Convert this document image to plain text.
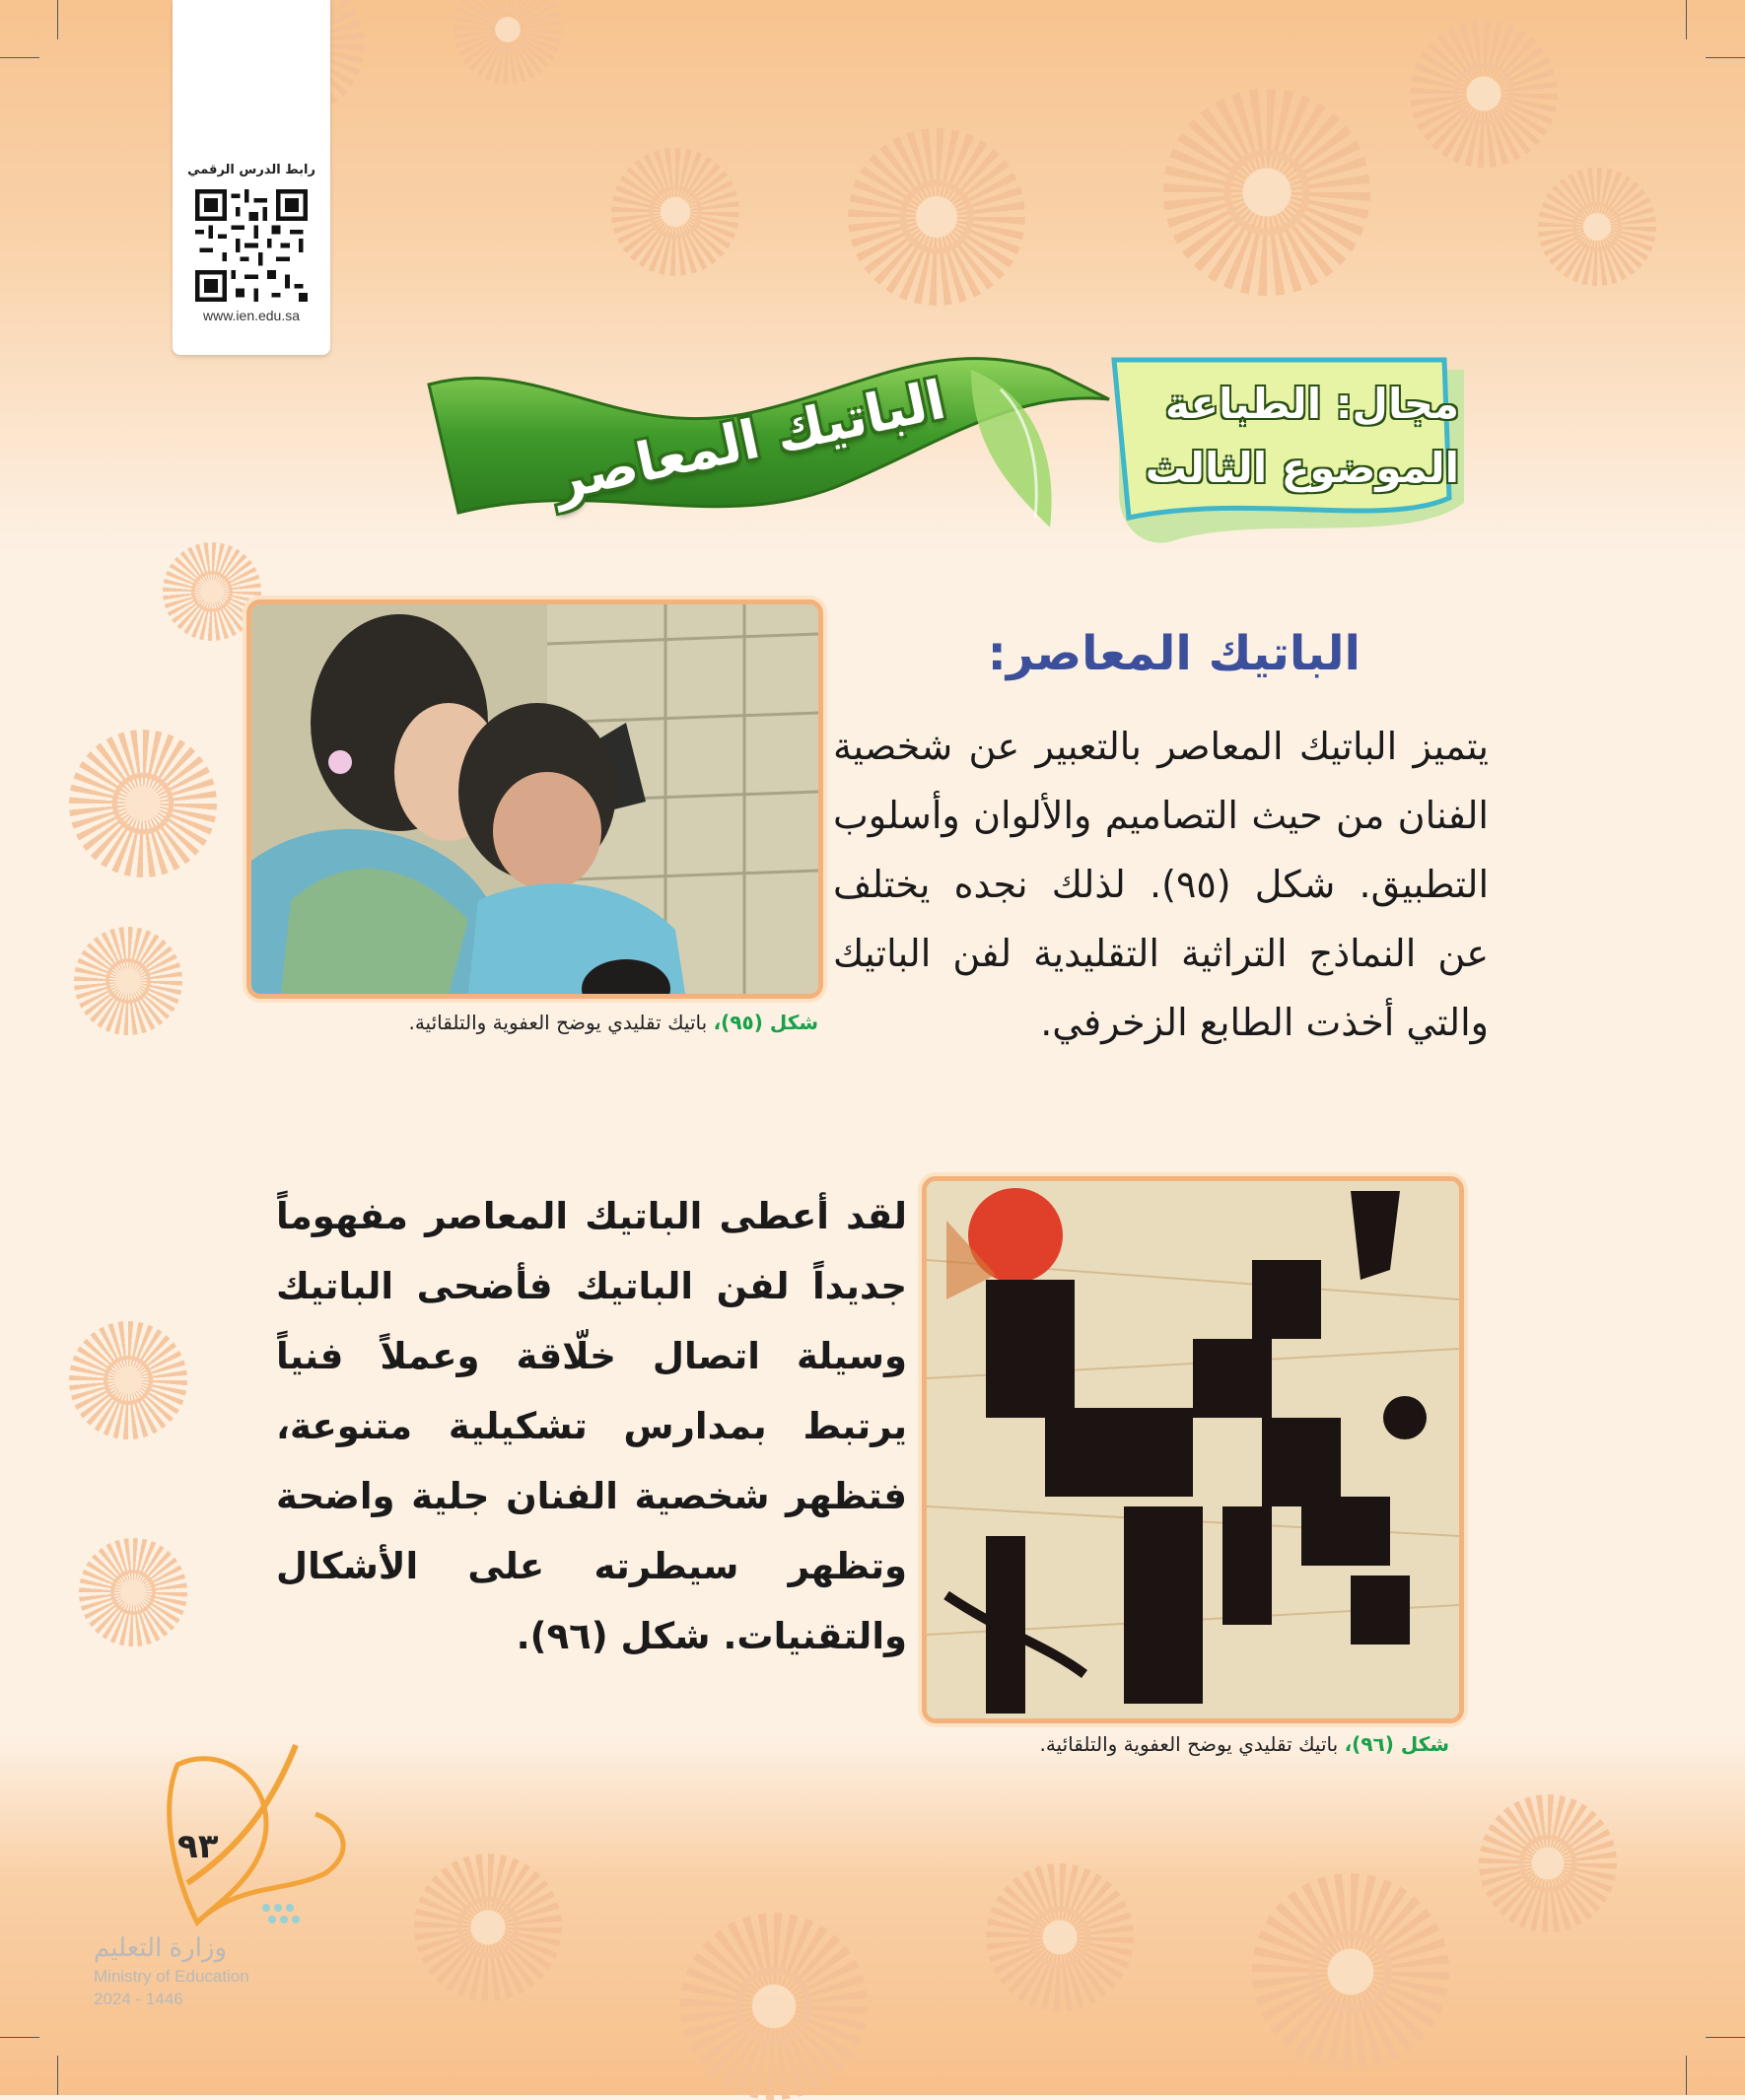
رابط الدرس الرقمي
www.ien.edu.sa
الباتيك المعاصر	مجال: الطباعة
الموضوع الثالث
الباتيك المعاصر:
يتميز الباتيك المعاصر بالتعبير عن شخصية الفنان من حيث التصاميم والألوان وأسلوب التطبيق. شكل (٩٥). لذلك نجده يختلف عن النماذج التراثية التقليدية لفن الباتيك والتي أخذت الطابع الزخرفي.
لقد أعطى الباتيك المعاصر مفهوماً جديداً لفن الباتيك فأضحى الباتيك وسيلة اتصال خلّاقة وعملاً فنياً يرتبط بمدارس تشكيلية متنوعة، فتظهر شخصية الفنان جلية واضحة وتظهر سيطرته على الأشكال والتقنيات. شكل (٩٦).
شكل (٩٥)، باتيك تقليدي يوضح العفوية والتلقائية.
شكل (٩٦)، باتيك تقليدي يوضح العفوية والتلقائية.
٩٣
وزارة التعليم
Ministry of Education
2024 - 1446
